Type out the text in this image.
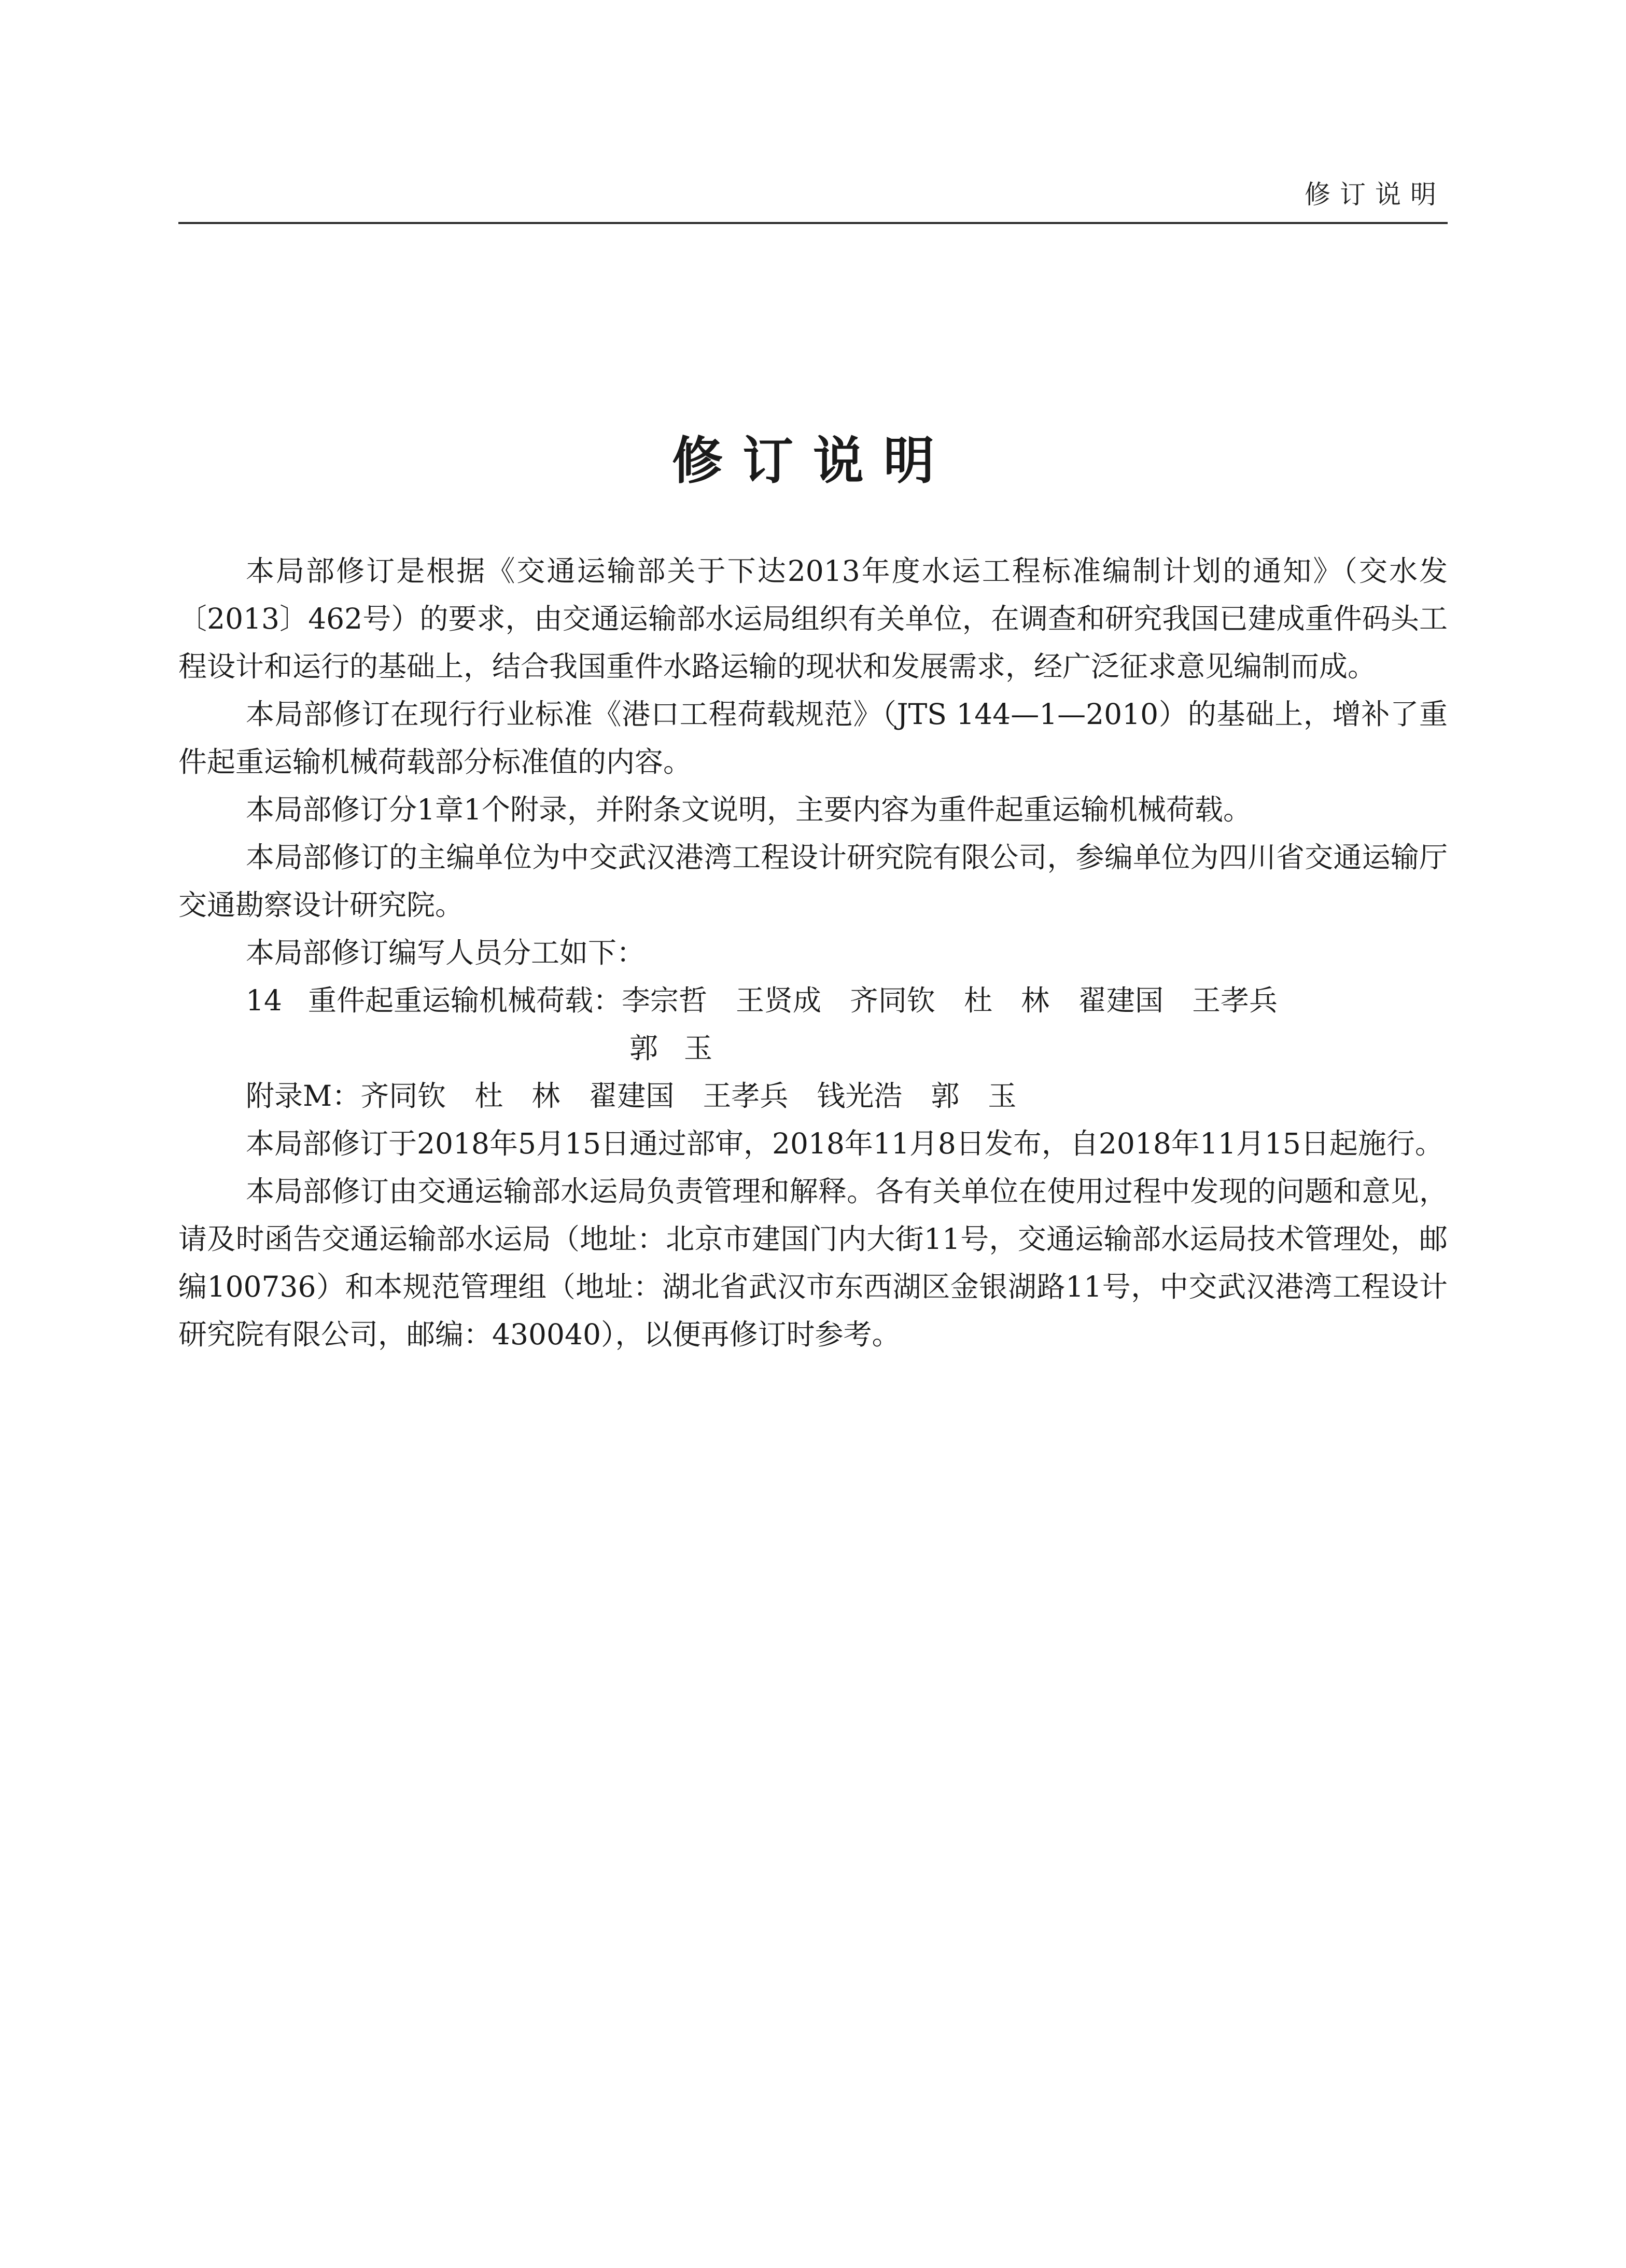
修订说明
修订说明

本局部修订是根据《交通运输部关于下达2013年度水运工程标准编制计划的通知》（交水发〔2013〕462号）的要求，由交通运输部水运局组织有关单位，在调查和研究我国已建成重件码头工程设计和运行的基础上，结合我国重件水路运输的现状和发展需求，经广泛征求意见编制而成。

本局部修订在现行行业标准《港口工程荷载规范》（JTS 144—1—2010）的基础上，增补了重件起重运输机械荷载部分标准值的内容。

本局部修订分1章1个附录，并附条文说明，主要内容为重件起重运输机械荷载。

本局部修订的主编单位为中交武汉港湾工程设计研究院有限公司，参编单位为四川省交通运输厅交通勘察设计研究院。

本局部修订编写人员分工如下：

14 重件起重运输机械荷载：李宗哲　王贤成　齐同钦　杜　林　翟建国　王孝兵
郭玉

附录M：齐同钦　杜　林　翟建国　王孝兵　钱光浩　郭　玉

本局部修订于2018年5月15日通过部审，2018年11月8日发布，自2018年11月15日起施行。

本局部修订由交通运输部水运局负责管理和解释。各有关单位在使用过程中发现的问题和意见，请及时函告交通运输部水运局（地址：北京市建国门内大街11号，交通运输部水运局技术管理处，邮编100736）和本规范管理组（地址：湖北省武汉市东西湖区金银湖路11号，中交武汉港湾工程设计研究院有限公司，邮编：430040），以便再修订时参考。
